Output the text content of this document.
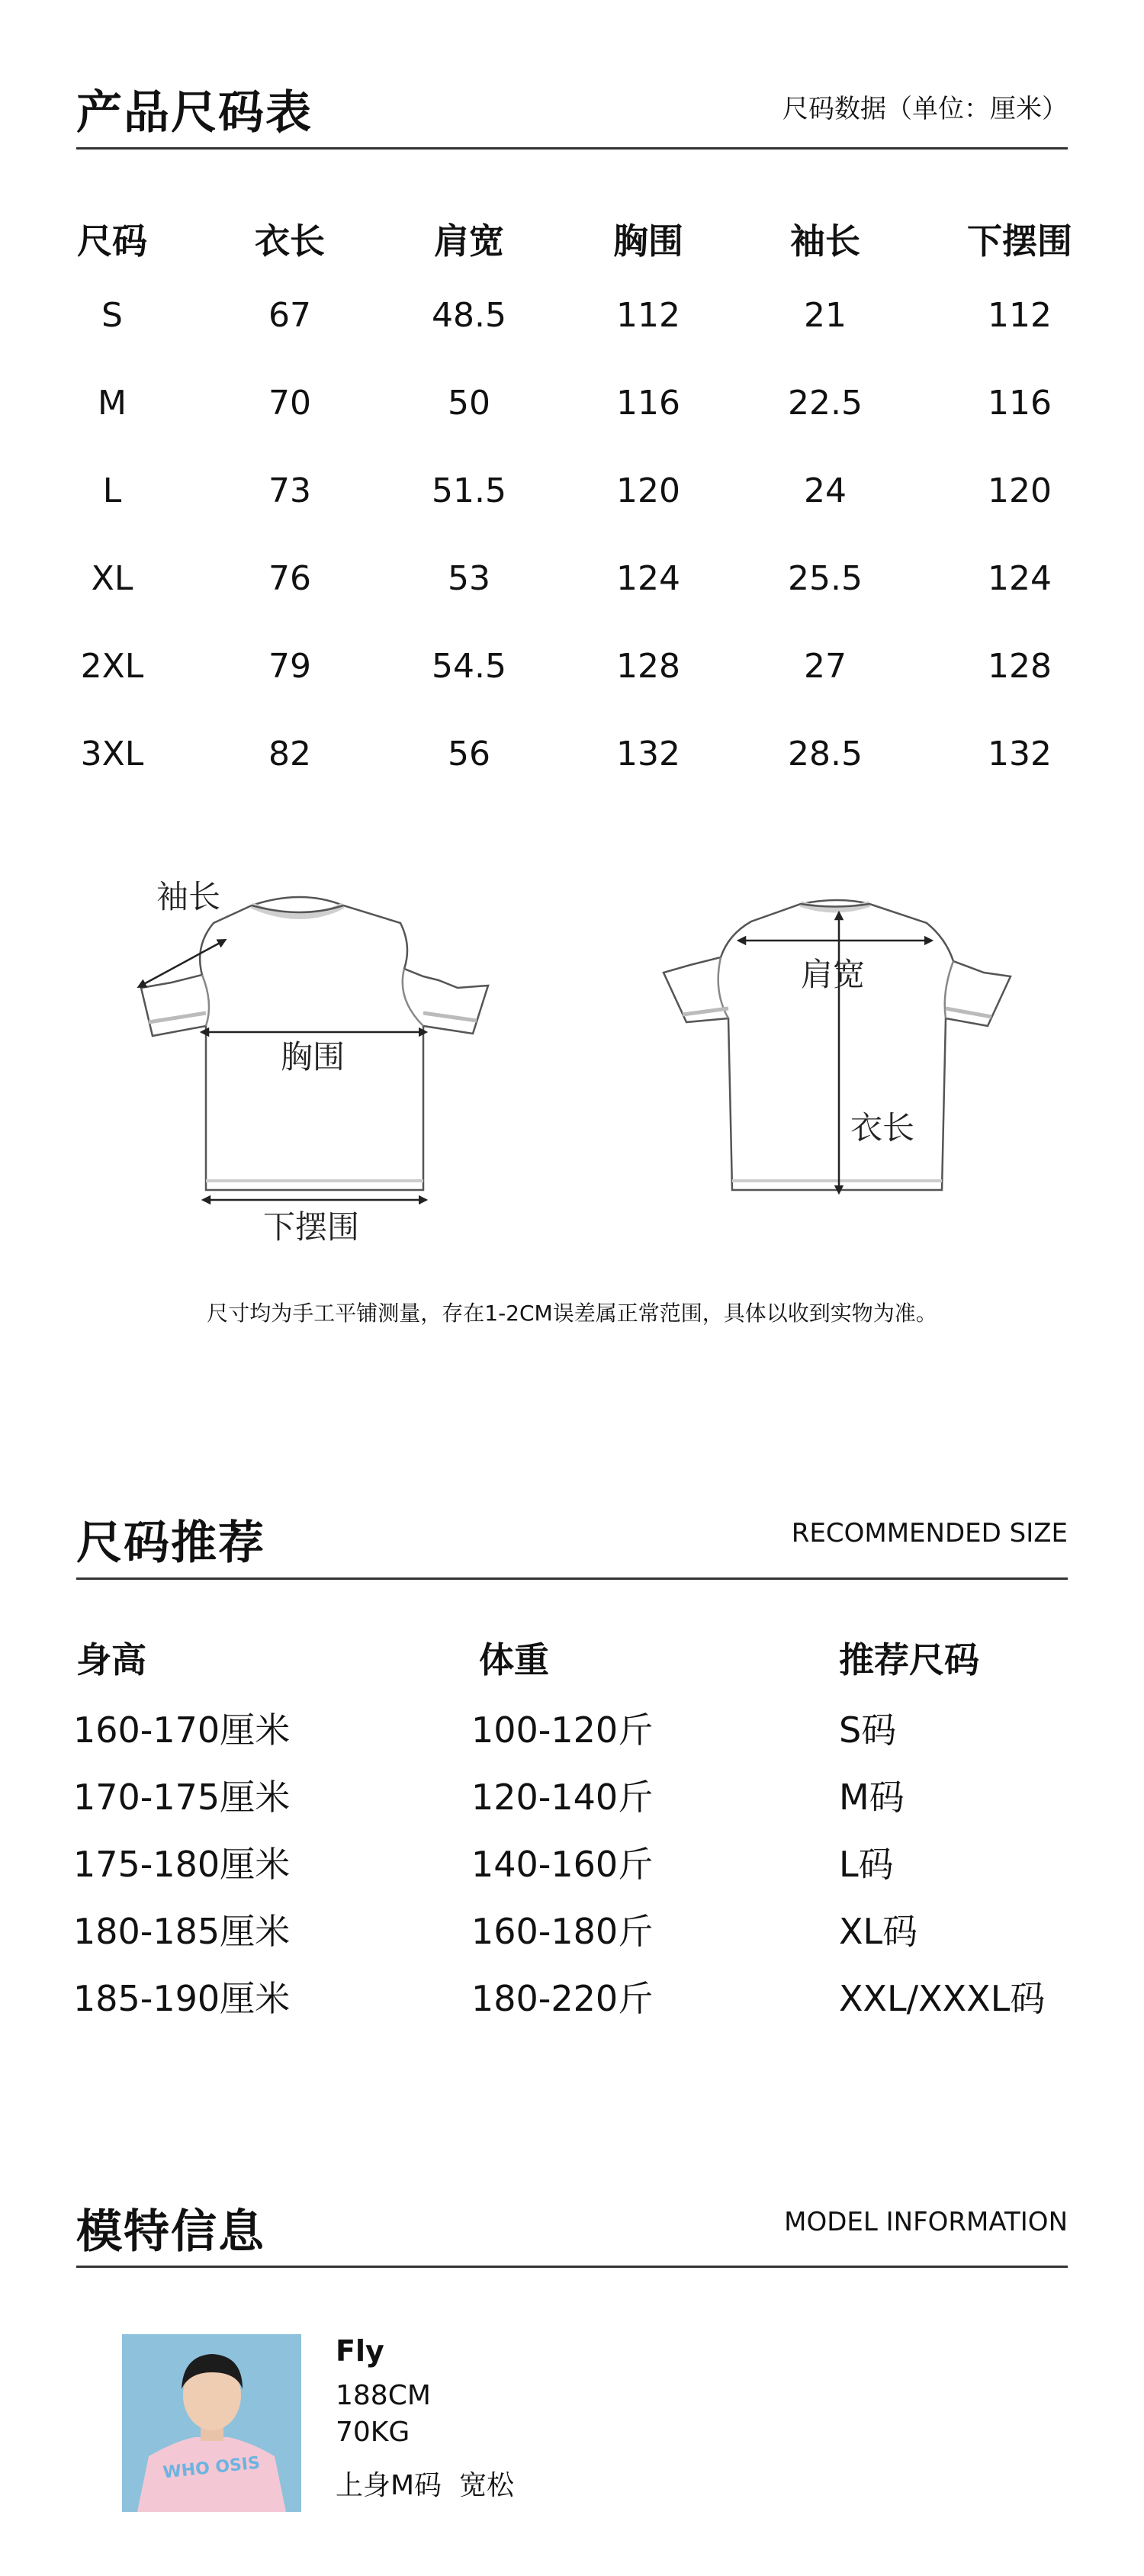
产品尺码表	尺码数据（单位：厘米）
尺码	衣长	肩宽	胸围	袖长	下摆围
S	67	48.5	112	21	112
M	70	50	116	22.5	116
L	73	51.5	120	24	120
XL	76	53	124	25.5	124
2XL	79	54.5	128	27	128
3XL	82	56	132	28.5	132
袖长
胸围
下摆围
肩宽
衣长
尺寸均为手工平铺测量，存在1-2CM误差属正常范围，具体以收到实物为准。
尺码推荐	RECOMMENDED SIZE
身高	体重	推荐尺码
160-170厘米	100-120斤	S码
170-175厘米	120-140斤	M码
175-180厘米	140-160斤	L码
180-185厘米	160-180斤	XL码
185-190厘米	180-220斤	XXL/XXXL码
模特信息	MODEL INFORMATION
WHO OSIS
Fly
188CM
70KG
上身M码  宽松
